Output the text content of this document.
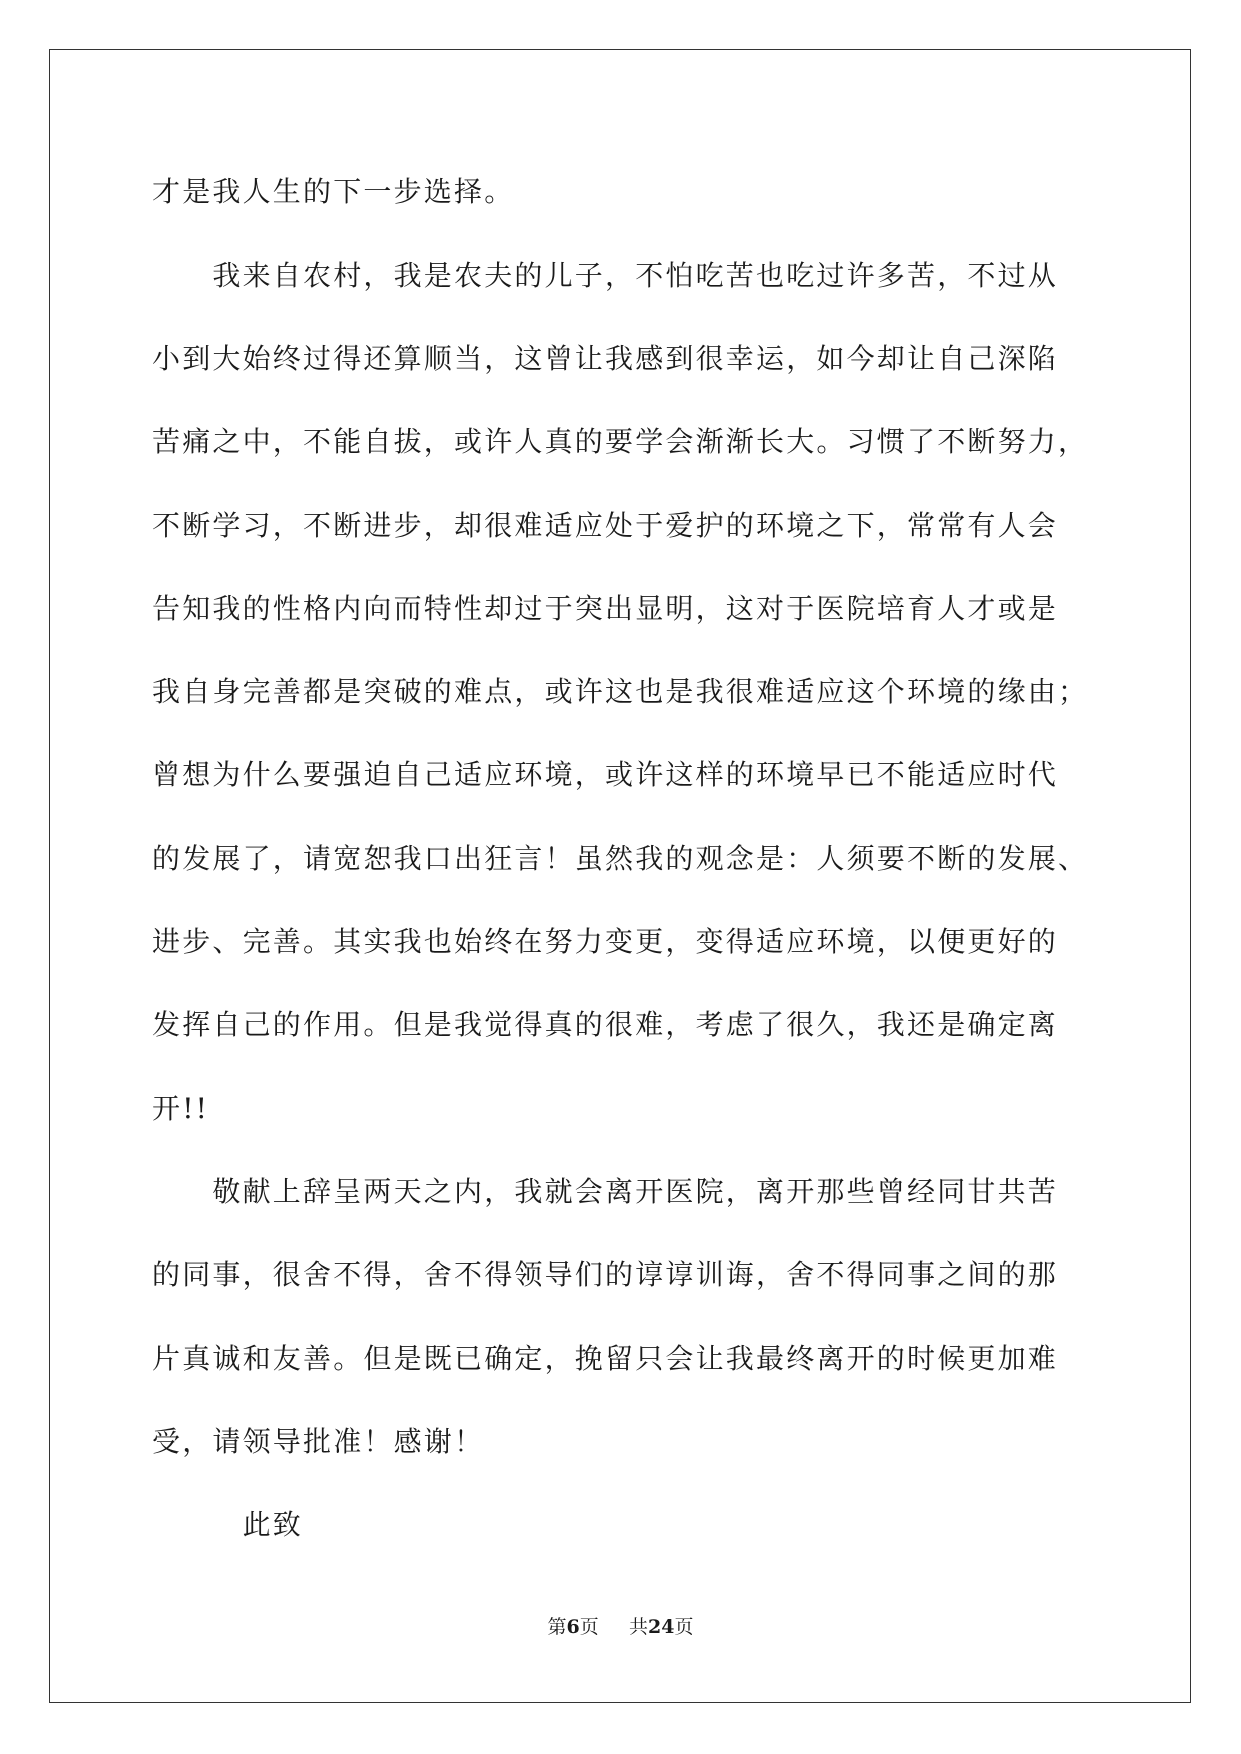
才是我人生的下一步选择。
　　我来自农村，我是农夫的儿子，不怕吃苦也吃过许多苦，不过从
小到大始终过得还算顺当，这曾让我感到很幸运，如今却让自己深陷
苦痛之中，不能自拔，或许人真的要学会渐渐长大。习惯了不断努力，
不断学习，不断进步，却很难适应处于爱护的环境之下，常常有人会
告知我的性格内向而特性却过于突出显明，这对于医院培育人才或是
我自身完善都是突破的难点，或许这也是我很难适应这个环境的缘由；
曾想为什么要强迫自己适应环境，或许这样的环境早已不能适应时代
的发展了，请宽恕我口出狂言！虽然我的观念是：人须要不断的发展、
进步、完善。其实我也始终在努力变更，变得适应环境，以便更好的
发挥自己的作用。但是我觉得真的很难，考虑了很久，我还是确定离
开!!
　　敬献上辞呈两天之内，我就会离开医院，离开那些曾经同甘共苦
的同事，很舍不得，舍不得领导们的谆谆训诲，舍不得同事之间的那
片真诚和友善。但是既已确定，挽留只会让我最终离开的时候更加难
受，请领导批准！感谢！
　　　此致
第6页 共24页
